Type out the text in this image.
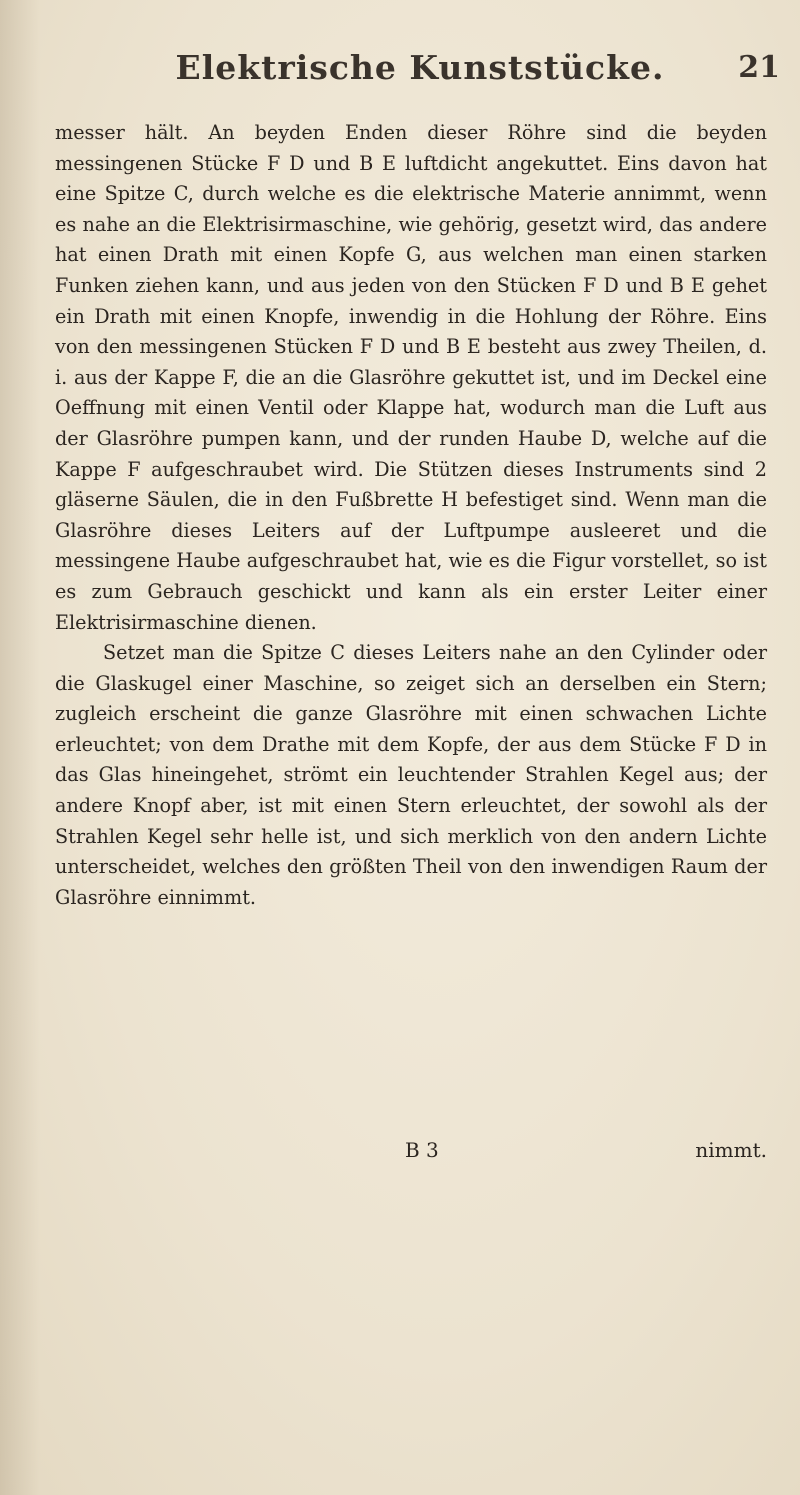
Elektrische Kunststücke.	21

messer hält. An beyden Enden dieser Röhre sind die beyden messingenen Stücke F D und B E luftdicht angekuttet. Eins davon hat eine Spitze C, durch welche es die elektrische Materie annimmt, wenn es nahe an die Elektrisirmaschine, wie gehörig, gesetzt wird, das andere hat einen Drath mit einen Kopfe G, aus welchen man einen starken Funken ziehen kann, und aus jeden von den Stücken F D und B E gehet ein Drath mit einen Knopfe, inwendig in die Hohlung der Röhre. Eins von den messingenen Stücken F D und B E besteht aus zwey Theilen, d. i. aus der Kappe F, die an die Glasröhre gekuttet ist, und im Deckel eine Oeffnung mit einen Ventil oder Klappe hat, wodurch man die Luft aus der Glasröhre pumpen kann, und der runden Haube D, welche auf die Kappe F aufgeschraubet wird. Die Stützen dieses Instruments sind 2 gläserne Säulen, die in den Fußbrette H befestiget sind. Wenn man die Glasröhre dieses Leiters auf der Luftpumpe ausleeret und die messingene Haube aufgeschraubet hat, wie es die Figur vorstellet, so ist es zum Gebrauch geschickt und kann als ein erster Leiter einer Elektrisirmaschine dienen.

Setzet man die Spitze C dieses Leiters nahe an den Cylinder oder die Glaskugel einer Maschine, so zeiget sich an derselben ein Stern; zugleich erscheint die ganze Glasröhre mit einen schwachen Lichte erleuchtet; von dem Drathe mit dem Kopfe, der aus dem Stücke F D in das Glas hineingehet, strömt ein leuchtender Strahlen Kegel aus; der andere Knopf aber, ist mit einen Stern erleuchtet, der sowohl als der Strahlen Kegel sehr helle ist, und sich merklich von den andern Lichte unterscheidet, welches den größten Theil von den inwendigen Raum der Glasröhre einnimmt.

B 3	nimmt.
